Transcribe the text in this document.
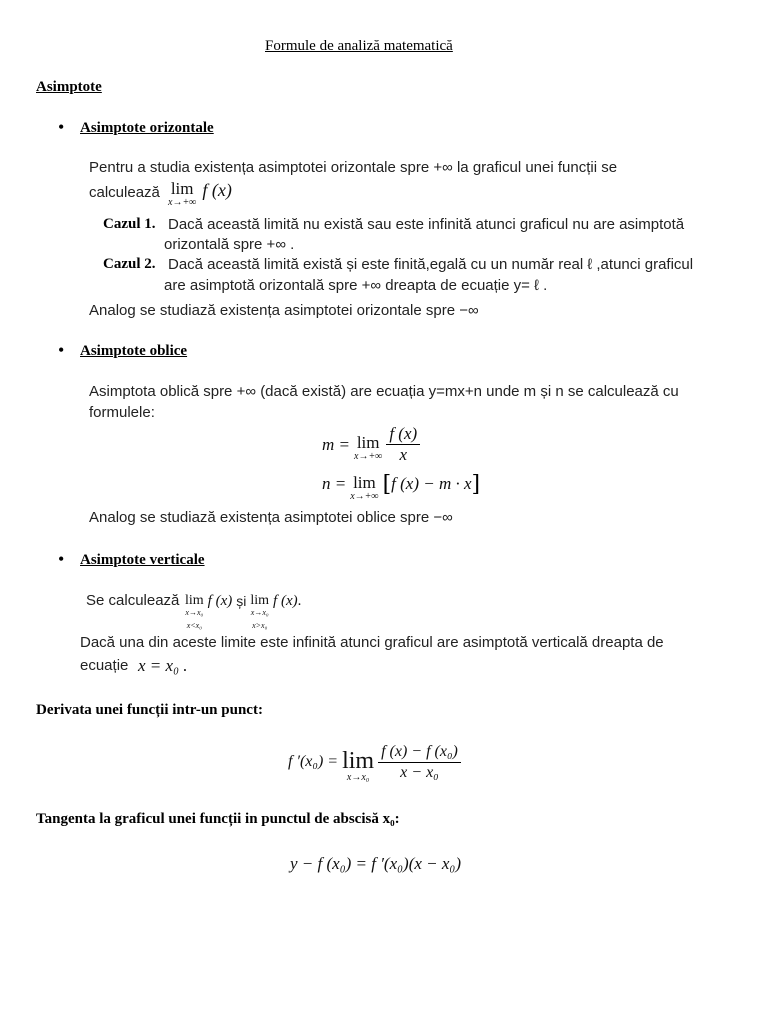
Formule de analiză matematică
Asimptote
• Asimptote orizontale
Pentru a studia existența asimptotei orizontale spre +∞ la graficul unei funcții se
calculează lim
x→+∞
f (x)
Cazul 1. Dacă această limită nu există sau este infinită atunci graficul nu are asimptotă
orizontală spre +∞ .
Cazul 2. Dacă această limită există și este finită,egală cu un număr real ℓ ,atunci graficul
are asimptotă orizontală spre +∞ dreapta de ecuație y= ℓ .
Analog se studiază existența asimptotei orizontale spre −∞
• Asimptote oblice
Asimptota oblică spre +∞ (dacă există) are ecuația y=mx+n unde m și n se calculează cu
formulele:
m = lim
x→+∞
$\frac{f (x)}{x}$
n = lim
x→+∞ [f (x) − m · x]
Analog se studiază existența asimptotei oblice spre −∞
• Asimptote verticale
Se calculează lim
x→x₀
x<x₀
f (x) și lim
x→x₀
x>x₀
f (x).
Dacă una din aceste limite este infinită atunci graficul are asimptotă verticală dreapta de
ecuație x = x₀ .
Derivata unei funcții intr-un punct:
f ′(x₀) = lim
x→x₀
$\frac{\text{f (x) − f (x₀)}}{\text{x − x₀}}$
Tangenta la graficul unei funcții in punctul de abscisă x₀:
y − f (x₀) = f ′(x₀)(x − x₀)
